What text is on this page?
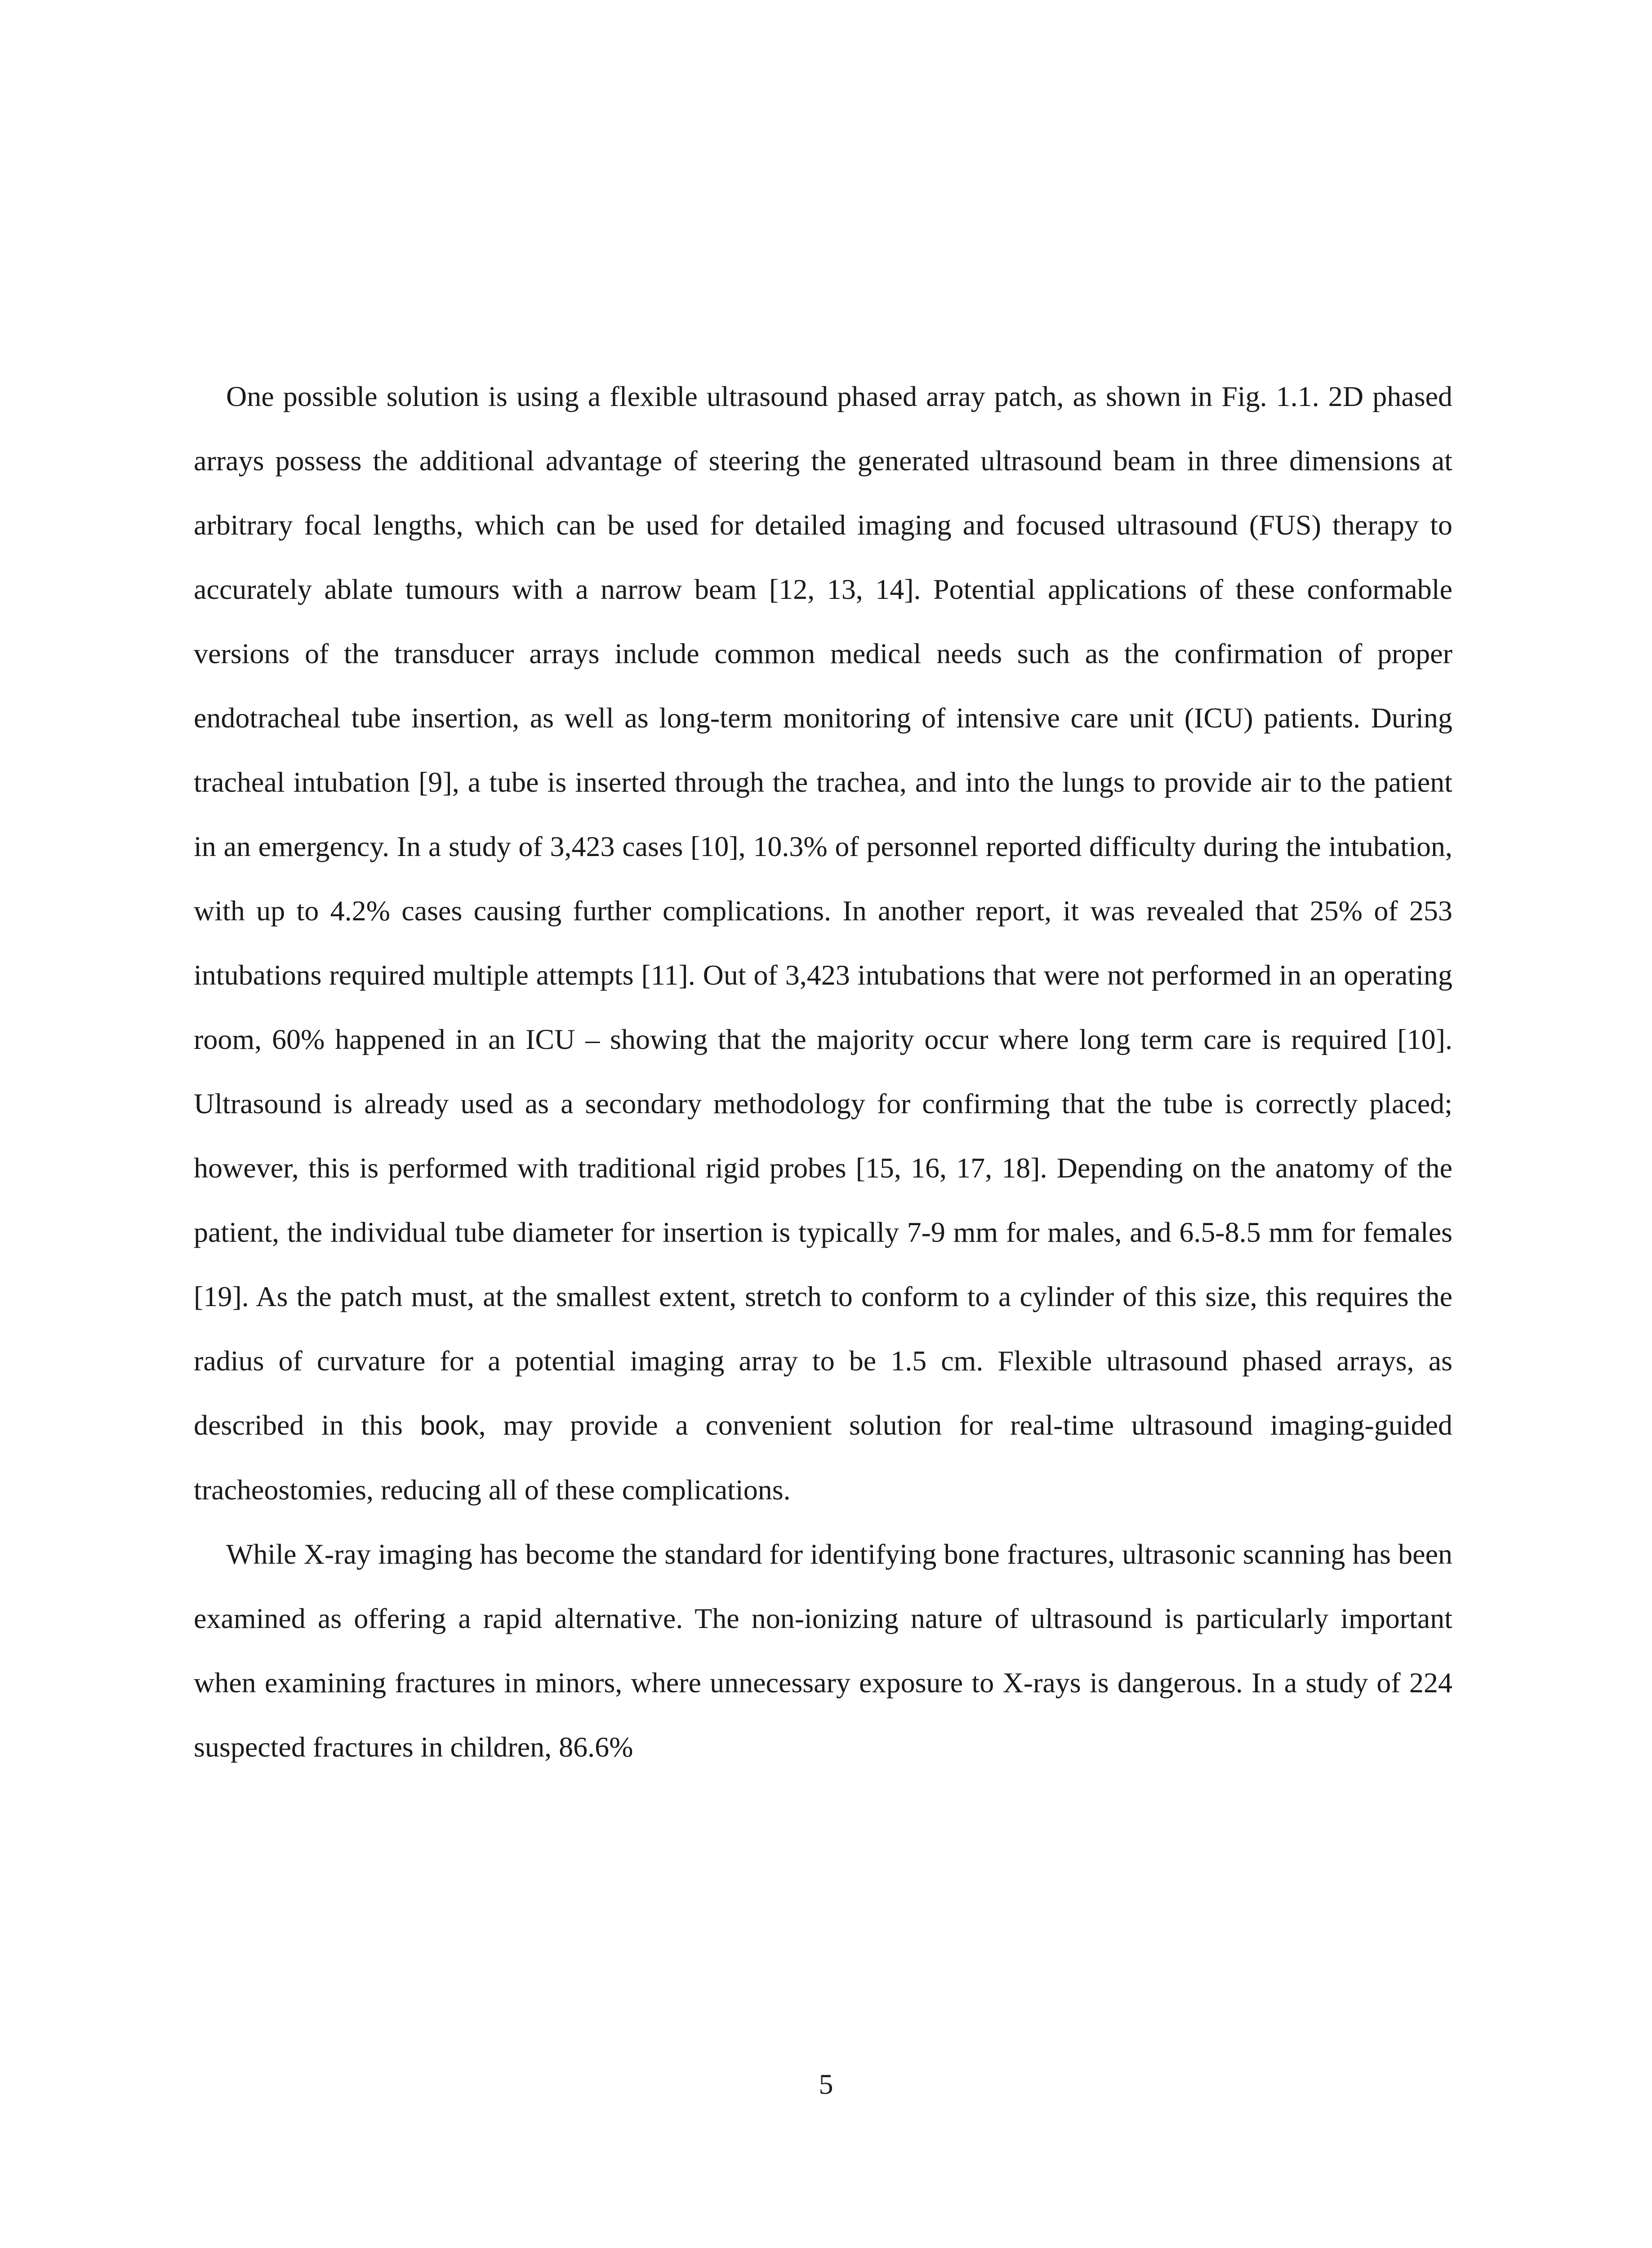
One possible solution is using a flexible ultrasound phased array patch, as shown in Fig. 1.1. 2D phased arrays possess the additional advantage of steering the generated ultrasound beam in three dimensions at arbitrary focal lengths, which can be used for detailed imaging and focused ultrasound (FUS) therapy to accurately ablate tumours with a narrow beam [12, 13, 14]. Potential applications of these conformable versions of the transducer arrays include common medical needs such as the confirmation of proper endotracheal tube insertion, as well as long-term monitoring of intensive care unit (ICU) patients. During tracheal intubation [9], a tube is inserted through the trachea, and into the lungs to provide air to the patient in an emergency. In a study of 3,423 cases [10], 10.3% of personnel reported difficulty during the intubation, with up to 4.2% cases causing further complications. In another report, it was revealed that 25% of 253 intubations required multiple attempts [11]. Out of 3,423 intubations that were not performed in an operating room, 60% happened in an ICU – showing that the majority occur where long term care is required [10]. Ultrasound is already used as a secondary methodology for confirming that the tube is correctly placed; however, this is performed with traditional rigid probes [15, 16, 17, 18]. Depending on the anatomy of the patient, the individual tube diameter for insertion is typically 7-9 mm for males, and 6.5-8.5 mm for females [19]. As the patch must, at the smallest extent, stretch to conform to a cylinder of this size, this requires the radius of curvature for a potential imaging array to be 1.5 cm. Flexible ultrasound phased arrays, as described in this book, may provide a convenient solution for real-time ultrasound imaging-guided tracheostomies, reducing all of these complications.

While X-ray imaging has become the standard for identifying bone fractures, ultrasonic scanning has been examined as offering a rapid alternative. The non-ionizing nature of ultrasound is particularly important when examining fractures in minors, where unnecessary exposure to X-rays is dangerous. In a study of 224 suspected fractures in children, 86.6%

5
